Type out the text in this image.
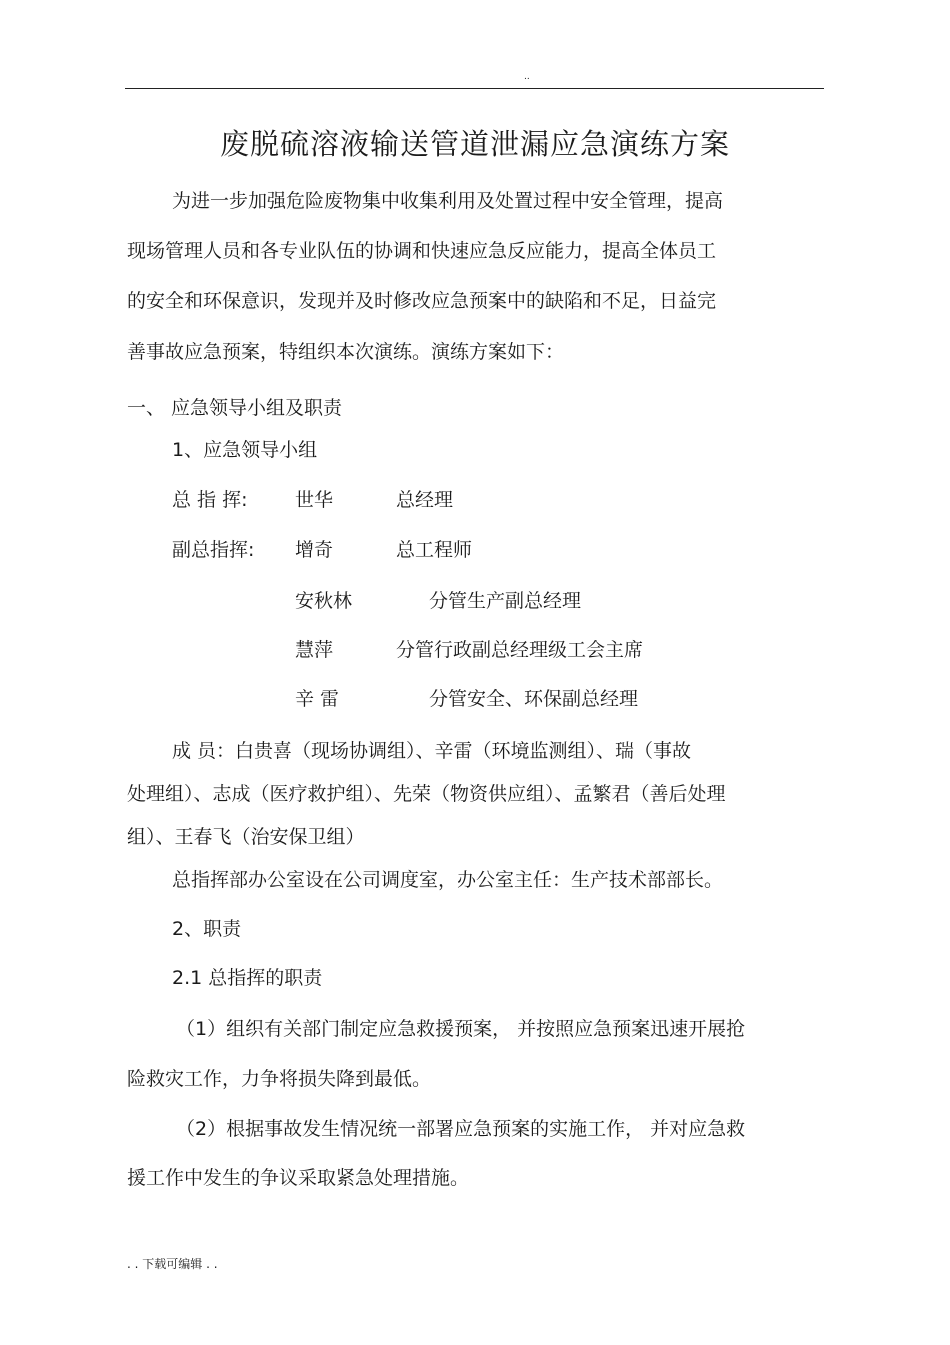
..
废脱硫溶液输送管道泄漏应急演练方案
为进一步加强危险废物集中收集利用及处置过程中安全管理，提高
现场管理人员和各专业队伍的协调和快速应急反应能力，提高全体员工
的安全和环保意识，发现并及时修改应急预案中的缺陷和不足，日益完
善事故应急预案，特组织本次演练。演练方案如下：
一、 应急领导小组及职责
1、应急领导小组
总 指 挥:	世华	总经理
副总指挥: 增奇	总工程师
安秋林	分管生产副总经理
慧萍	分管行政副总经理级工会主席
辛 雷	分管安全、环保副总经理
成 员：白贵喜（现场协调组）、辛雷（环境监测组）、瑞（事故
处理组）、志成（医疗救护组）、先荣（物资供应组）、孟繁君（善后处理
组）、王春飞（治安保卫组）
总指挥部办公室设在公司调度室，办公室主任：生产技术部部长。
2、职责
2.1 总指挥的职责
（1）组织有关部门制定应急救援预案， 并按照应急预案迅速开展抢
险救灾工作，力争将损失降到最低。
（2）根据事故发生情况统一部署应急预案的实施工作， 并对应急救
援工作中发生的争议采取紧急处理措施。
. . 下载可编辑 . .
